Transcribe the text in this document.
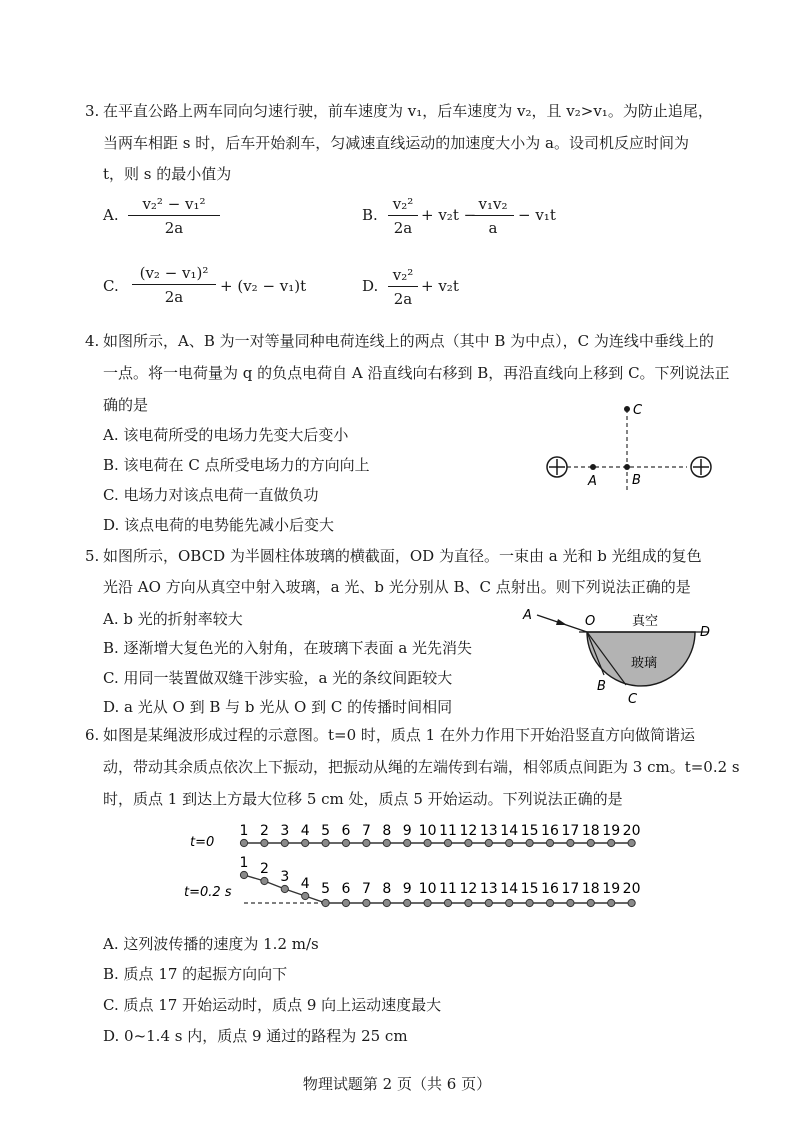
3. 在平直公路上两车同向匀速行驶，前车速度为 v₁，后车速度为 v₂，且 v₂>v₁。为防止追尾，
当两车相距 s 时，后车开始刹车，匀减速直线运动的加速度大小为 a。设司机反应时间为
t，则 s 的最小值为
A. $\frac{\text{v₂² − v₁²}}{2a}$	B. $\frac{\text{v₂²}}{2a} + v_2t$ −
$\frac{\text{v₁v₂}}{a} - v_1t$
C. $\frac{\text{(v₂ − v₁)²}}{2a} + (v_2 - v_1)t$	D. $\frac{\text{v₂²}}{2a} + v_2t$
4. 如图所示，A、B 为一对等量同种电荷连线上的两点（其中 B 为中点），C 为连线中垂线上的
一点。将一电荷量为 q 的负点电荷自 A 沿直线向右移到 B，再沿直线向上移到 C。下列说法正
确的是
A. 该电荷所受的电场力先变大后变小
B. 该电荷在 C 点所受电场力的方向向上
C. 电场力对该点电荷一直做负功
D. 该点电荷的电势能先减小后变大
A	B
C
5. 如图所示，OBCD 为半圆柱体玻璃的横截面，OD 为直径。一束由 a 光和 b 光组成的复色
光沿 AO 方向从真空中射入玻璃，a 光、b 光分别从 B、C 点射出。则下列说法正确的是
A. b 光的折射率较大
B. 逐渐增大复色光的入射角，在玻璃下表面 a 光先消失
C. 用同一装置做双缝干涉实验，a 光的条纹间距较大
D. a 光从 O 到 B 与 b 光从 O 到 C 的传播时间相同
A	O
D
B
C
真空
玻璃
6. 如图是某绳波形成过程的示意图。t=0 时，质点 1 在外力作用下开始沿竖直方向做简谐运
动，带动其余质点依次上下振动，把振动从绳的左端传到右端，相邻质点间距为 3 cm。t=0.2 s
时，质点 1 到达上方最大位移 5 cm 处，质点 5 开始运动。下列说法正确的是
t=0
t=0.2 s
1 2 3 4 5 6 7 8 9 10 11 12 13 14 15 16 17 18 19 20
1 2 3 4 5 6 7 8 9 10 11 12 13 14 15 16 17 18 19 20
A. 这列波传播的速度为 1.2 m/s
B. 质点 17 的起振方向向下
C. 质点 17 开始运动时，质点 9 向上运动速度最大
D. 0~1.4 s 内，质点 9 通过的路程为 25 cm
物理试题第 2 页（共 6 页）
